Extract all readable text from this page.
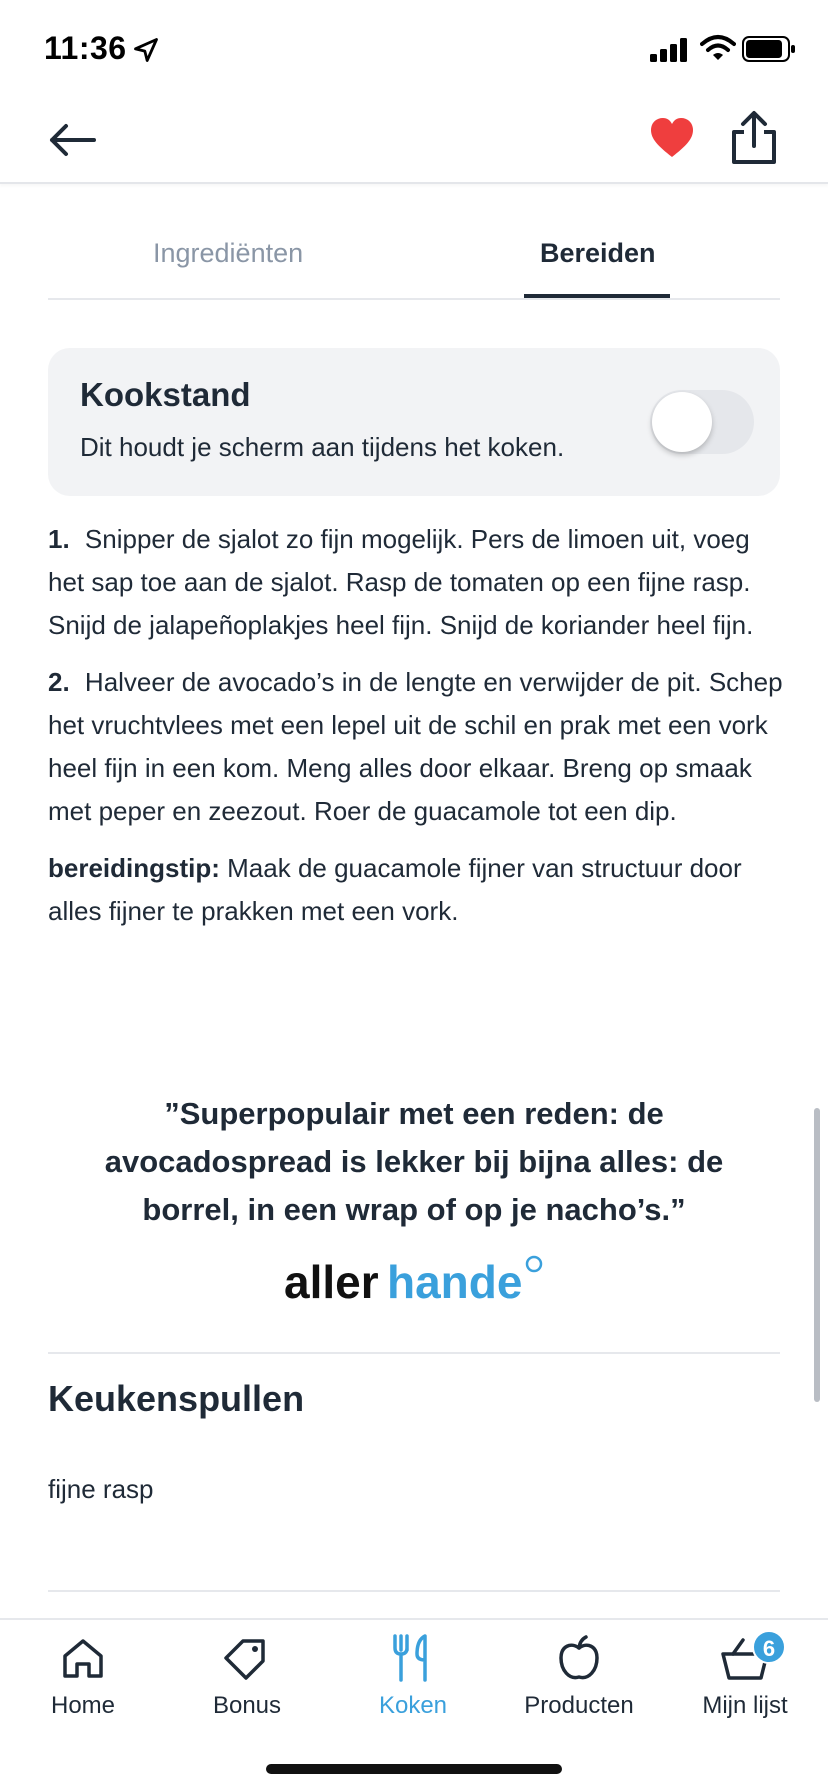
11:36
Ingrediënten	Bereiden
Kookstand
Dit houdt je scherm aan tijdens het koken.

1. Snipper de sjalot zo fijn mogelijk. Pers de limoen uit, voeg het sap toe aan de sjalot. Rasp de tomaten op een fijne rasp. Snijd de jalapeñoplakjes heel fijn. Snijd de koriander heel fijn.

2. Halveer de avocado’s in de lengte en verwijder de pit. Schep het vruchtvlees met een lepel uit de schil en prak met een vork heel fijn in een kom. Meng alles door elkaar. Breng op smaak met peper en zeezout. Roer de guacamole tot een dip.

bereidingstip: Maak de guacamole fijner van structuur door alles fijner te prakken met een vork.

”Superpopulair met een reden: de avocadospread is lekker bij bijna alles: de borrel, in een wrap of op je nacho’s.”
aller hande
Keukenspullen
fijne rasp
Home	Bonus	Koken	Producten
6
Mijn lijst
